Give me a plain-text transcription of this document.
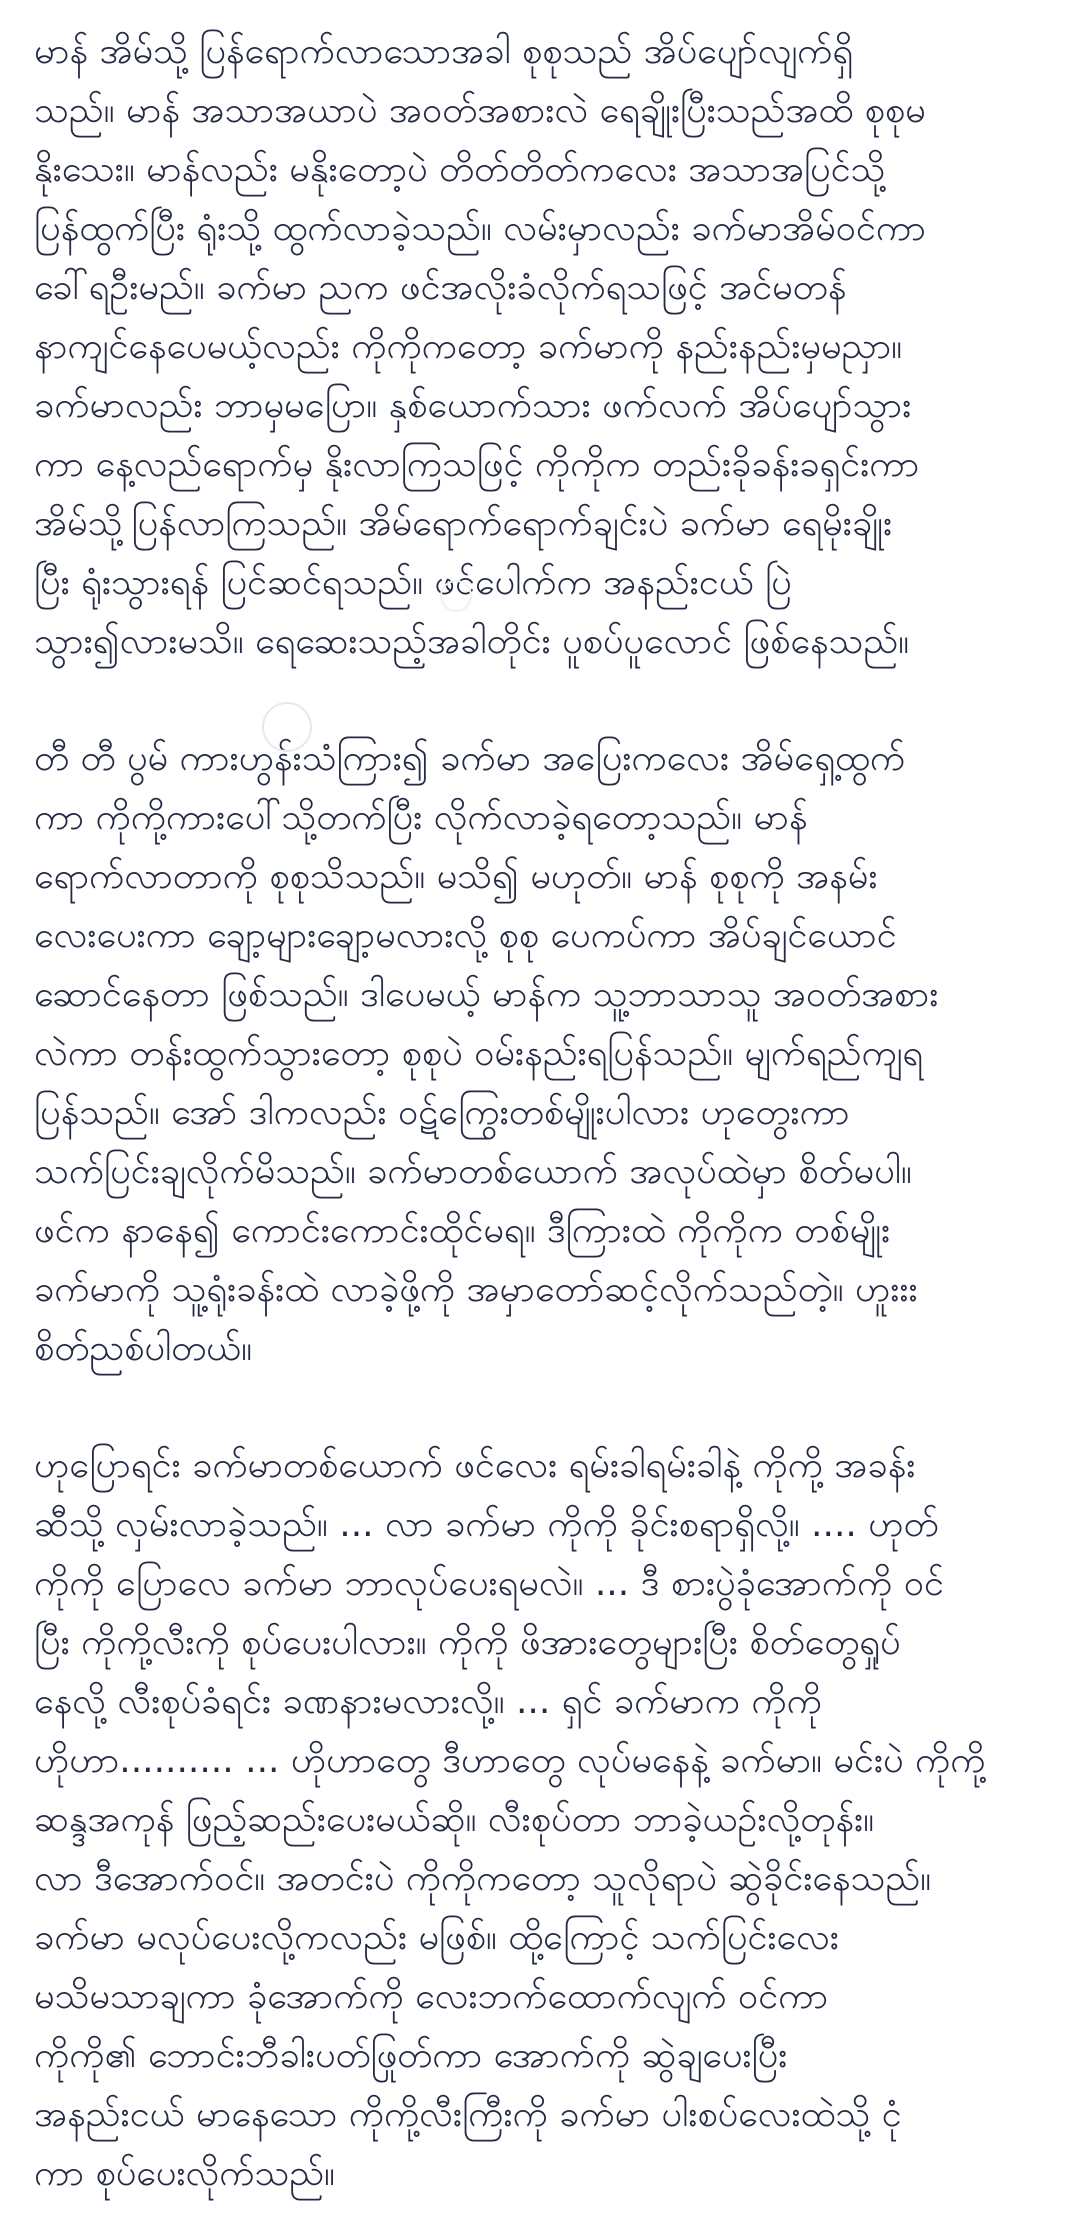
မာန် အိမ်သို့ ပြန်ရောက်လာသောအခါ စုစုသည် အိပ်ပျော်လျက်ရှိ
သည်။ မာန် အသာအယာပဲ အဝတ်အစားလဲ ရေချိုးပြီးသည်အထိ စုစုမ
နိုးသေး။ မာန်လည်း မနိုးတော့ပဲ တိတ်တိတ်ကလေး အသာအပြင်သို့
ပြန်ထွက်ပြီး ရုံးသို့ ထွက်လာခဲ့သည်။ လမ်းမှာလည်း ခက်မာအိမ်ဝင်ကာ
ခေါ်ရဦးမည်။ ခက်မာ ညက ဖင်အလိုးခံလိုက်ရသဖြင့် အင်မတန်
နာကျင်နေပေမယ့်လည်း ကိုကိုကတော့ ခက်မာကို နည်းနည်းမှမညှာ။
ခက်မာလည်း ဘာမှမပြော။ နှစ်ယောက်သား ဖက်လက် အိပ်ပျော်သွား
ကာ နေ့လည်ရောက်မှ နိုးလာကြသဖြင့် ကိုကိုက တည်းခိုခန်းခရှင်းကာ
အိမ်သို့ပြန်လာကြသည်။ အိမ်ရောက်ရောက်ချင်းပဲ ခက်မာ ရေမိုးချိုး
ပြီး ရုံးသွားရန် ပြင်ဆင်ရသည်။ ဖင်ပေါက်က အနည်းငယ် ပြဲ
သွား၍လားမသိ။ ရေဆေးသည့်အခါတိုင်း ပူစပ်ပူလောင် ဖြစ်နေသည်။

တီ တီ ပွမ် ကားဟွန်းသံကြား၍ ခက်မာ အပြေးကလေး အိမ်ရှေ့ထွက်
ကာ ကိုကို့ကားပေါ်သို့တက်ပြီး လိုက်လာခဲ့ရတော့သည်။ မာန်
ရောက်လာတာကို စုစုသိသည်။ မသိ၍ မဟုတ်။ မာန် စုစုကို အနမ်း
လေးပေးကာ ချော့များချော့မလားလို့ စုစု ပေကပ်ကာ အိပ်ချင်ယောင်
ဆောင်နေတာ ဖြစ်သည်။ ဒါပေမယ့် မာန်က သူ့ဘာသာသူ အဝတ်အစား
လဲကာ တန်းထွက်သွားတော့ စုစုပဲ ဝမ်းနည်းရပြန်သည်။ မျက်ရည်ကျရ
ပြန်သည်။ အော် ဒါကလည်း ဝဋ်ကြွေးတစ်မျိုးပါလား ဟုတွေးကာ
သက်ပြင်းချလိုက်မိသည်။ ခက်မာတစ်ယောက် အလုပ်ထဲမှာ စိတ်မပါ။
ဖင်က နာနေ၍ ကောင်းကောင်းထိုင်မရ။ ဒီကြားထဲ ကိုကိုက တစ်မျိုး
ခက်မာကို သူ့ရုံးခန်းထဲ လာခဲ့ဖို့ကို အမှာတော်ဆင့်လိုက်သည်တဲ့။ ဟူးးး
စိတ်ညစ်ပါတယ်။

ဟုပြောရင်း ခက်မာတစ်ယောက် ဖင်လေး ရမ်းခါရမ်းခါနဲ့ ကိုကို့ အခန်း
ဆီသို့ လှမ်းလာခဲ့သည်။ ... လာ ခက်မာ ကိုကို ခိုင်းစရာရှိလို့။ .... ဟုတ်
ကိုကို ပြောလေ ခက်မာ ဘာလုပ်ပေးရမလဲ။ ... ဒီ စားပွဲခုံအောက်ကို ဝင်
ပြီး ကိုကို့လီးကို စုပ်ပေးပါလား။ ကိုကို ဖိအားတွေများပြီး စိတ်တွေရှုပ်
နေလို့ လီးစုပ်ခံရင်း ခဏနားမလားလို့။ ... ရှင် ခက်မာက ကိုကို
ဟိုဟာ.......... ... ဟိုဟာတွေ ဒီဟာတွေ လုပ်မနေနဲ့ ခက်မာ။ မင်းပဲ ကိုကို့
ဆန္ဒအကုန် ဖြည့်ဆည်းပေးမယ်ဆို။ လီးစုပ်တာ ဘာခဲ့ယဉ်းလို့တုန်း။
လာ ဒီအောက်ဝင်။ အတင်းပဲ ကိုကိုကတော့ သူလိုရာပဲ ဆွဲခိုင်းနေသည်။
ခက်မာ မလုပ်ပေးလို့ကလည်း မဖြစ်။ ထို့ကြောင့် သက်ပြင်းလေး
မသိမသာချကာ ခုံအောက်ကို လေးဘက်ထောက်လျက် ဝင်ကာ
ကိုကို၏ ဘောင်းဘီခါးပတ်ဖြုတ်ကာ အောက်ကို ဆွဲချပေးပြီး
အနည်းငယ် မာနေသော ကိုကို့လီးကြီးကို ခက်မာ ပါးစပ်လေးထဲသို့ ငုံ
ကာ စုပ်ပေးလိုက်သည်။
